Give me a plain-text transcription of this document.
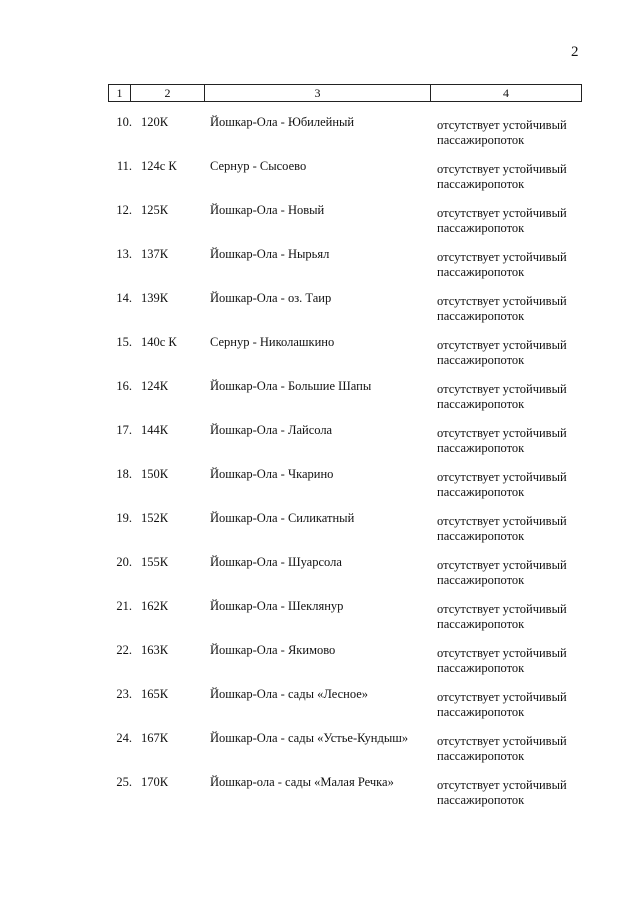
2
1	2	3	4
10. 120К	Йошкар-Ола - Юбилейный	отсутствует устойчивый
пассажиропоток
11. 124с К	Сернур - Сысоево	отсутствует устойчивый
пассажиропоток
12. 125К	Йошкар-Ола - Новый	отсутствует устойчивый
пассажиропоток
13. 137К	Йошкар-Ола - Нырьял	отсутствует устойчивый
пассажиропоток
14. 139К	Йошкар-Ола - оз. Таир	отсутствует устойчивый
пассажиропоток
15. 140с К	Сернур - Николашкино	отсутствует устойчивый
пассажиропоток
16. 124К	Йошкар-Ола - Большие Шапы	отсутствует устойчивый
пассажиропоток
17. 144К	Йошкар-Ола - Лайсола	отсутствует устойчивый
пассажиропоток
18. 150К	Йошкар-Ола - Чкарино	отсутствует устойчивый
пассажиропоток
19. 152К	Йошкар-Ола - Силикатный	отсутствует устойчивый
пассажиропоток
20. 155К	Йошкар-Ола - Шуарсола	отсутствует устойчивый
пассажиропоток
21. 162К	Йошкар-Ола - Шеклянур	отсутствует устойчивый
пассажиропоток
22. 163К	Йошкар-Ола - Якимово	отсутствует устойчивый
пассажиропоток
23. 165К	Йошкар-Ола - сады «Лесное»	отсутствует устойчивый
пассажиропоток
24. 167К	Йошкар-Ола - сады «Устье-Кундыш» отсутствует устойчивый
пассажиропоток
25. 170К	Йошкар-ола - сады «Малая Речка»	отсутствует устойчивый
пассажиропоток
